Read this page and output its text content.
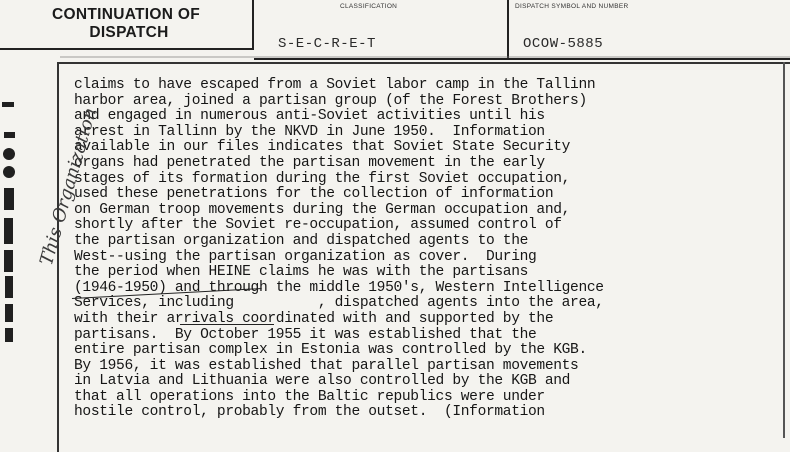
CONTINUATION OF
DISPATCH
CLASSIFICATION
S-E-C-R-E-T
DISPATCH SYMBOL AND NUMBER
OCOW-5885
claims to have escaped from a Soviet labor camp in the Tallinn
harbor area, joined a partisan group (of the Forest Brothers)
and engaged in numerous anti-Soviet activities until his
arrest in Tallinn by the NKVD in June 1950.  Information
available in our files indicates that Soviet State Security
organs had penetrated the partisan movement in the early
stages of its formation during the first Soviet occupation,
used these penetrations for the collection of information
on German troop movements during the German occupation and,
shortly after the Soviet re-occupation, assumed control of
the partisan organization and dispatched agents to the
West--using the partisan organization as cover.  During
the period when HEINE claims he was with the partisans
(1946-1950) and through the middle 1950's, Western Intelligence
Services, including          , dispatched agents into the area,
with their arrivals coordinated with and supported by the
partisans.  By October 1955 it was established that the
entire partisan complex in Estonia was controlled by the KGB.
By 1956, it was established that parallel partisan movements
in Latvia and Lithuania were also controlled by the KGB and
that all operations into the Baltic republics were under
hostile control, probably from the outset.  (Information
This Organization
